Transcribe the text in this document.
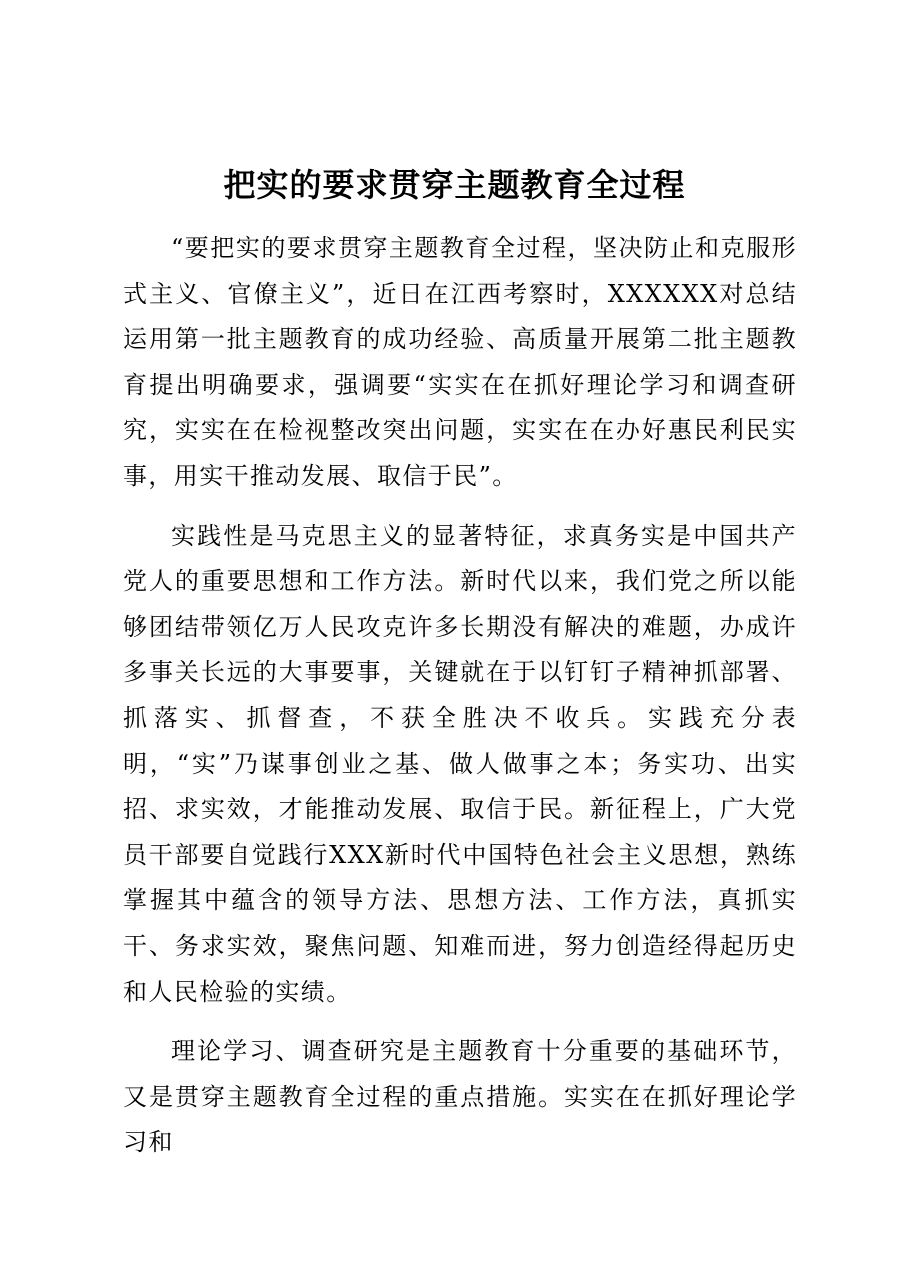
把实的要求贯穿主题教育全过程

“要把实的要求贯穿主题教育全过程，坚决防止和克服形式主义、官僚主义”，近日在江西考察时，XXXXXX对总结运用第一批主题教育的成功经验、高质量开展第二批主题教育提出明确要求，强调要“实实在在抓好理论学习和调查研究，实实在在检视整改突出问题，实实在在办好惠民利民实事，用实干推动发展、取信于民”。

实践性是马克思主义的显著特征，求真务实是中国共产党人的重要思想和工作方法。新时代以来，我们党之所以能够团结带领亿万人民攻克许多长期没有解决的难题，办成许多事关长远的大事要事，关键就在于以钉钉子精神抓部署、抓落实、抓督查，不获全胜决不收兵。实践充分表明，“实”乃谋事创业之基、做人做事之本；务实功、出实招、求实效，才能推动发展、取信于民。新征程上，广大党员干部要自觉践行XXX新时代中国特色社会主义思想，熟练掌握其中蕴含的领导方法、思想方法、工作方法，真抓实干、务求实效，聚焦问题、知难而进，努力创造经得起历史和人民检验的实绩。

理论学习、调查研究是主题教育十分重要的基础环节，又是贯穿主题教育全过程的重点措施。实实在在抓好理论学习和
